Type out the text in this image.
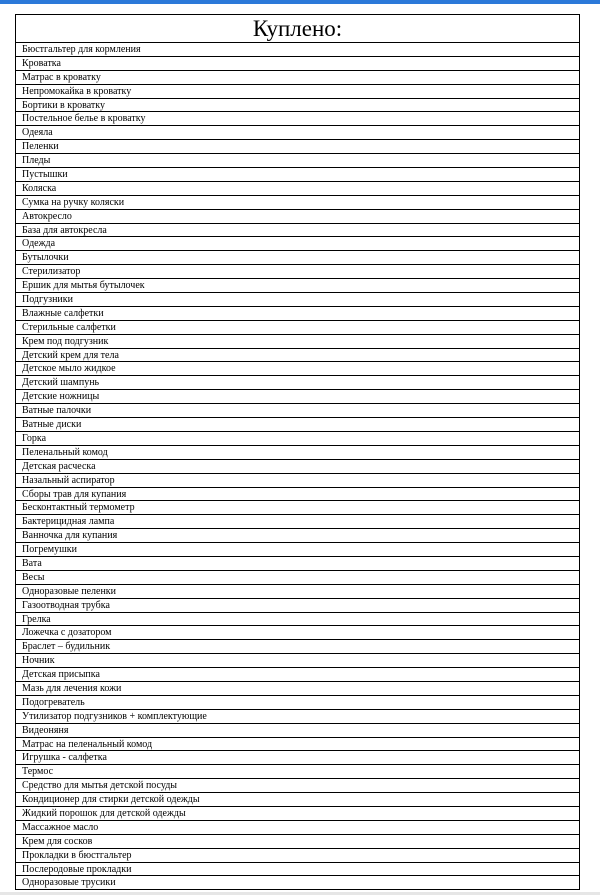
Куплено:
Бюстгальтер для кормления
Кроватка
Матрас в кроватку
Непромокайка в кроватку
Бортики в кроватку
Постельное белье в кроватку
Одеяла
Пеленки
Пледы
Пустышки
Коляска
Сумка на ручку коляски
Автокресло
База для автокресла
Одежда
Бутылочки
Стерилизатор
Ершик для мытья бутылочек
Подгузники
Влажные салфетки
Стерильные салфетки
Крем под подгузник
Детский крем для тела
Детское мыло жидкое
Детский шампунь
Детские ножницы
Ватные палочки
Ватные диски
Горка
Пеленальный комод
Детская расческа
Назальный аспиратор
Сборы трав для купания
Бесконтактный термометр
Бактерицидная лампа
Ванночка для купания
Погремушки
Вата
Весы
Одноразовые пеленки
Газоотводная трубка
Грелка
Ложечка с дозатором
Браслет – будильник
Ночник
Детская присыпка
Мазь для лечения кожи
Подогреватель
Утилизатор подгузников + комплектующие
Видеоняня
Матрас на пеленальный комод
Игрушка - салфетка
Термос
Средство для мытья детской посуды
Кондиционер для стирки детской одежды
Жидкий порошок для детской одежды
Массажное масло
Крем для сосков
Прокладки в бюстгальтер
Послеродовые прокладки
Одноразовые трусики
